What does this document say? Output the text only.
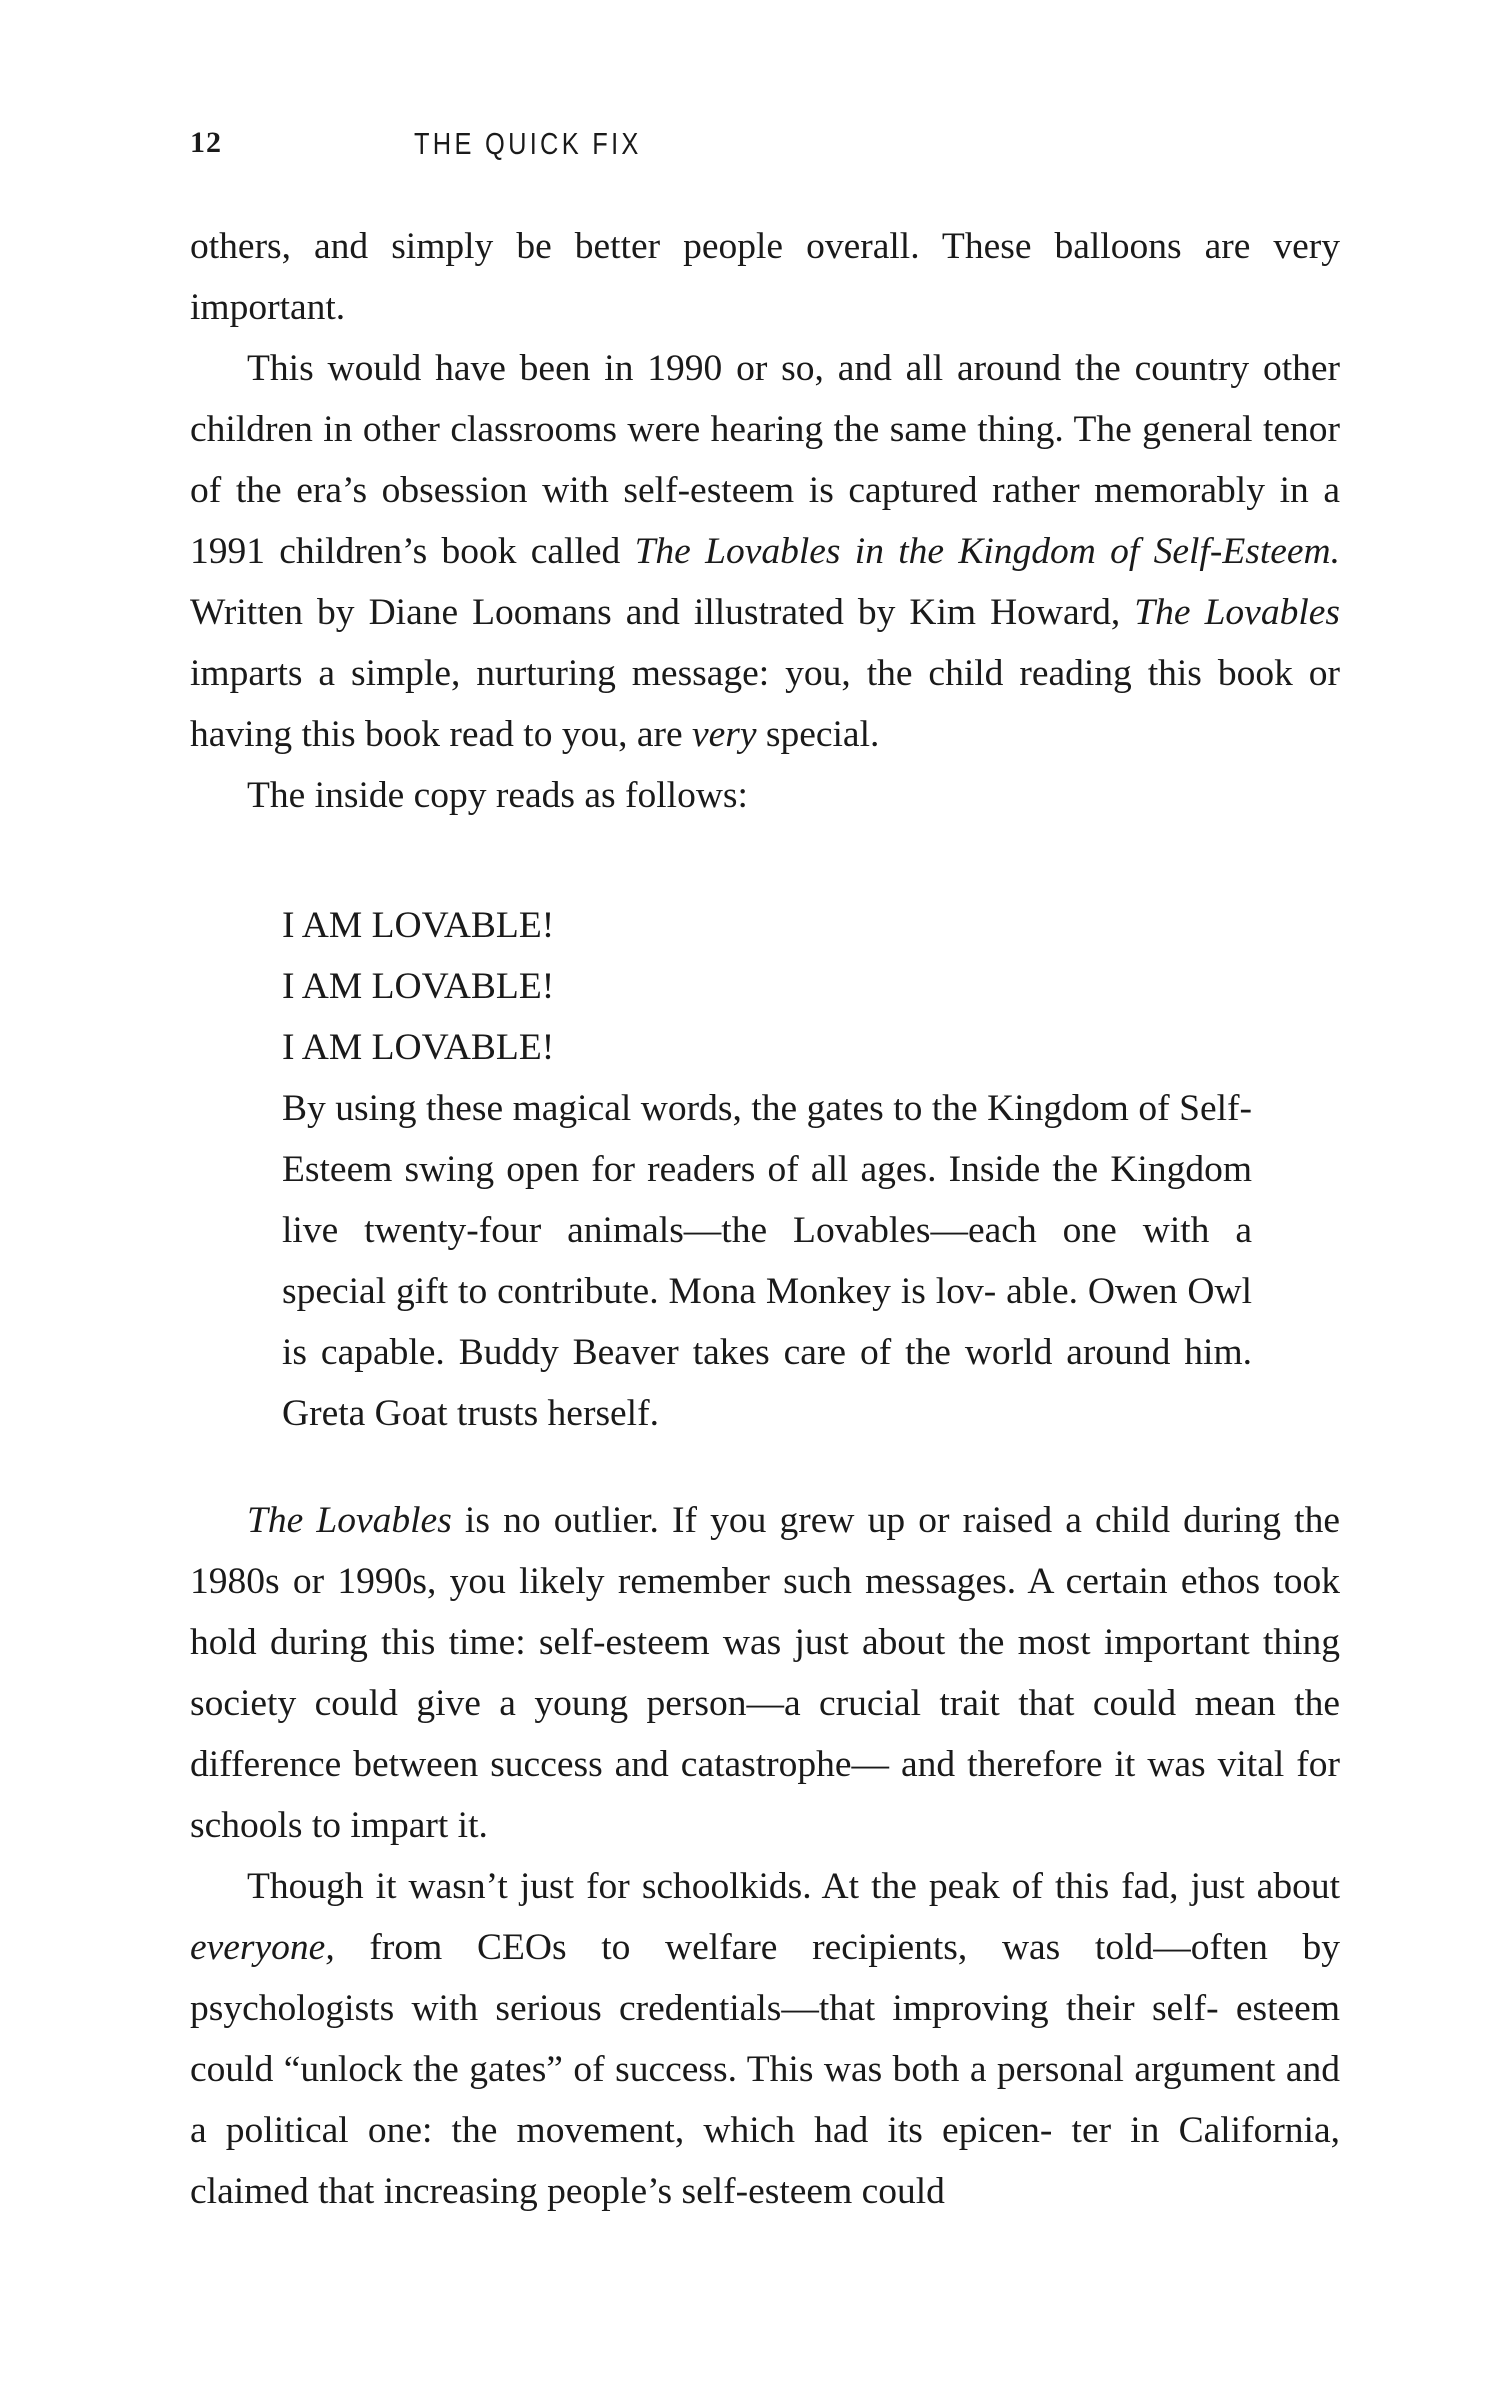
12	THE QUICK FIX

others, and simply be better people overall. These balloons are very important.

This would have been in 1990 or so, and all around the country other children in other classrooms were hearing the same thing. The general tenor of the era’s obsession with self-esteem is captured rather memorably in a 1991 children’s book called The Lovables in the Kingdom of Self-Esteem. Written by Diane Loomans and illustrated by Kim Howard, The Lovables imparts a simple, nurturing message: you, the child reading this book or having this book read to you, are very special.

The inside copy reads as follows:

I AM LOVABLE!

I AM LOVABLE!

I AM LOVABLE!

By using these magical words, the gates to the Kingdom of Self-Esteem swing open for readers of all ages. Inside the Kingdom live twenty-four animals—the Lovables—each one with a special gift to contribute. Mona Monkey is lov- able. Owen Owl is capable. Buddy Beaver takes care of the world around him. Greta Goat trusts herself.

The Lovables is no outlier. If you grew up or raised a child during the 1980s or 1990s, you likely remember such messages. A certain ethos took hold during this time: self-esteem was just about the most important thing society could give a young person—a crucial trait that could mean the difference between success and catastrophe— and therefore it was vital for schools to impart it.

Though it wasn’t just for schoolkids. At the peak of this fad, just about everyone, from CEOs to welfare recipients, was told—often by psychologists with serious credentials—that improving their self- esteem could “unlock the gates” of success. This was both a personal argument and a political one: the movement, which had its epicen- ter in California, claimed that increasing people’s self-esteem could
